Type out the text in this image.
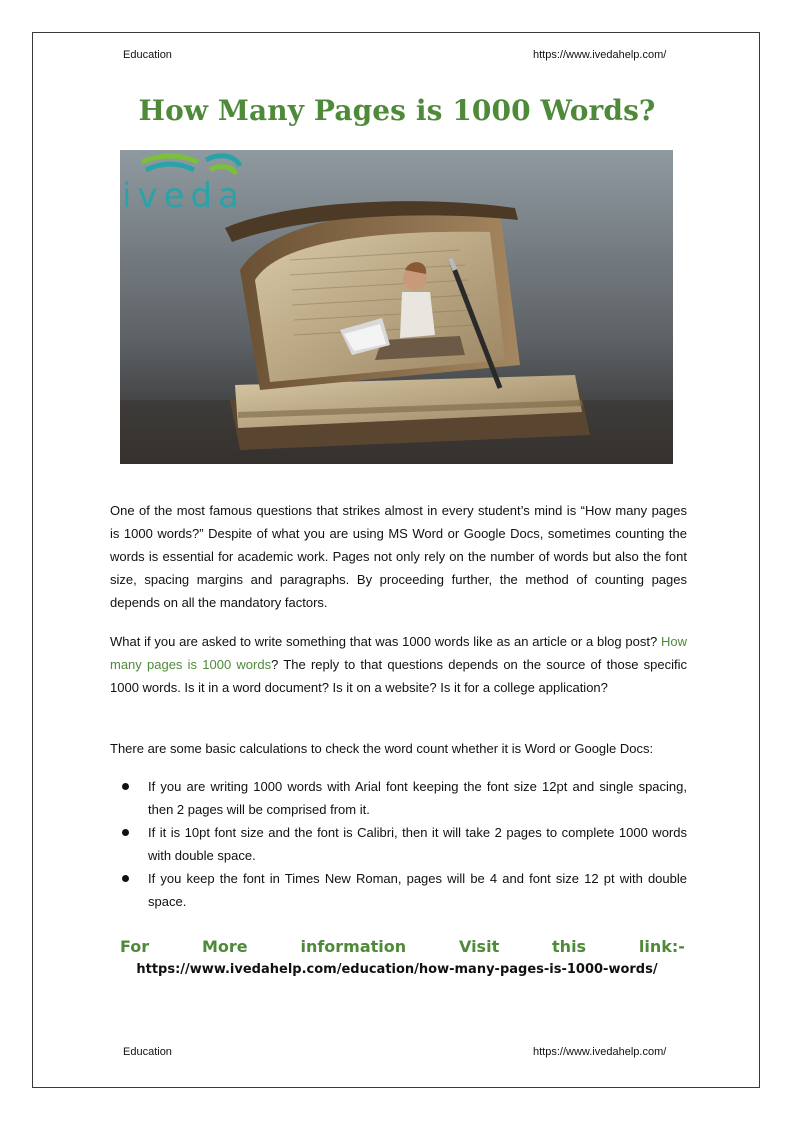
Education	https://www.ivedahelp.com/
How Many Pages is 1000 Words?
iveda

One of the most famous questions that strikes almost in every student’s mind is “How many pages is 1000 words?” Despite of what you are using MS Word or Google Docs, sometimes counting the words is essential for academic work. Pages not only rely on the number of words but also the font size, spacing margins and paragraphs. By proceeding further, the method of counting pages depends on all the mandatory factors.

What if you are asked to write something that was 1000 words like as an article or a blog post? How many pages is 1000 words? The reply to that questions depends on the source of those specific 1000 words. Is it in a word document? Is it on a website? Is it for a college application?

There are some basic calculations to check the word count whether it is Word or Google Docs:

If you are writing 1000 words with Arial font keeping the font size 12pt and single spacing, then 2 pages will be comprised from it.
If it is 10pt font size and the font is Calibri, then it will take 2 pages to complete 1000 words with double space.
If you keep the font in Times New Roman, pages will be 4 and font size 12 pt with double space.
For	More	information	Visit	this	link:-
https://www.ivedahelp.com/education/how-many-pages-is-1000-words/
Education	https://www.ivedahelp.com/
